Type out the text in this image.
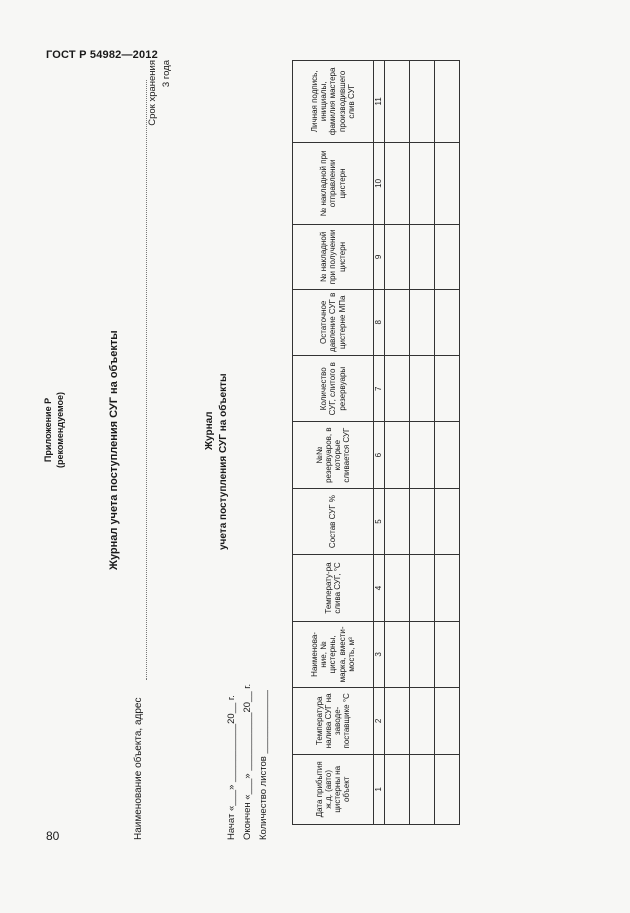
ГОСТ Р 54982—2012
80
Приложение Р (рекомендуемое)	Журнал учета поступления СУГ на объекты
Наименование объекта, адрес
Срок хранения 3 года
Журнал учета поступления СУГ на объекты
Начат «___» ___________20__ г. Окончен «___» ___________20__ г. Количество листов ____________	Дата прибытия ж.д. (авто) цистерны на объект	Температура налива СУГ на заводе-поставщике °С	Наименова-ние, № цистерны, марка, вмести-мость, м³	Температу-ра слива СУГ, °С	Состав СУГ %	№№ резервуаров, в которые сливается СУГ	Количество СУГ, слитого в резервуары	Остаточное давление СУГ в цистерне МПа	№ накладной при получении цистерн	№ накладной при отправлении цистерн	Личная подпись, инициалы, фамилия мастера производившего слив СУГ
1	2	3	4	5	6	7	8	9	10	11
